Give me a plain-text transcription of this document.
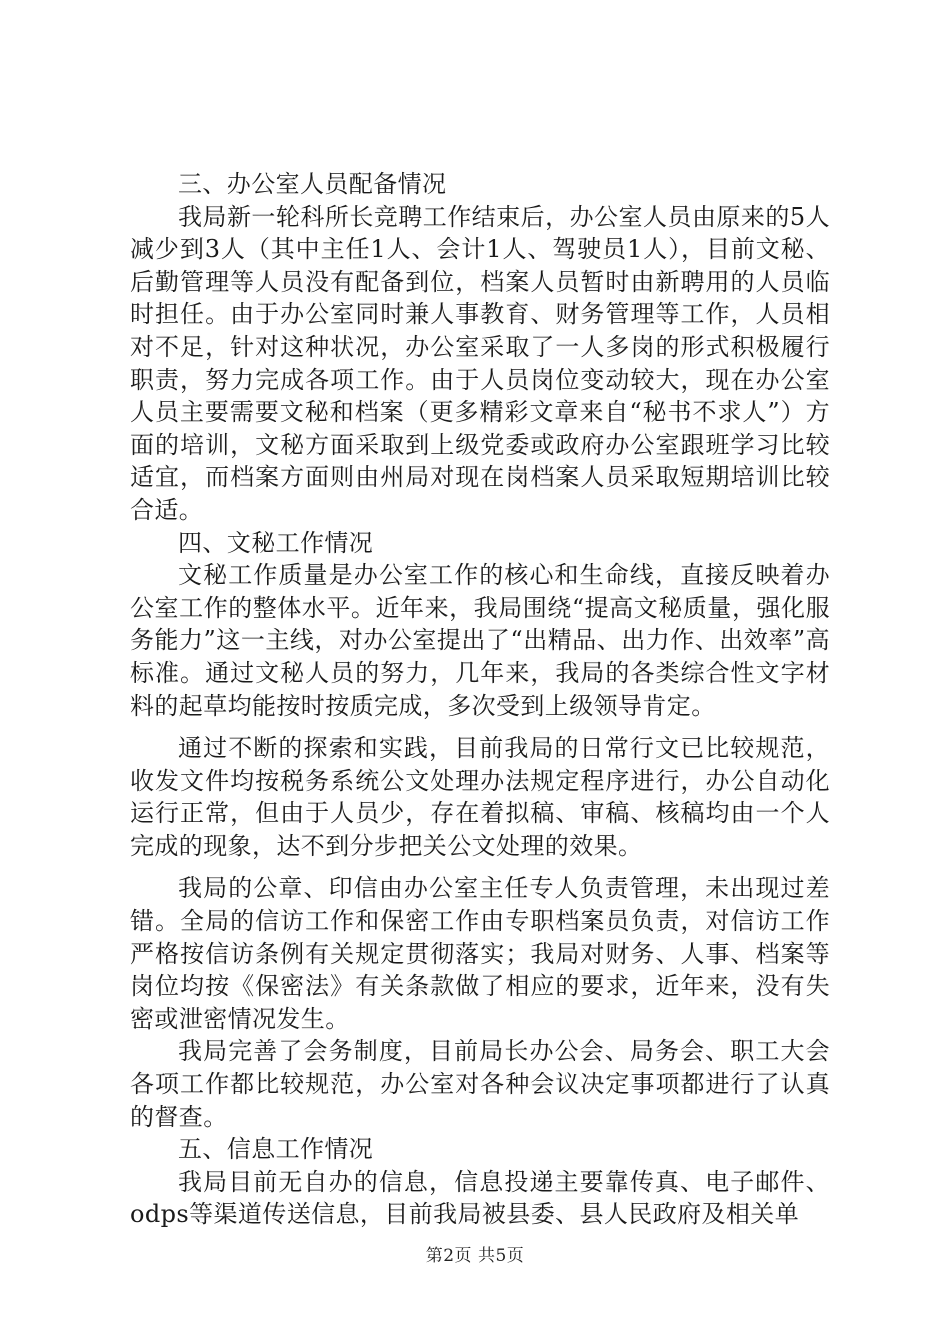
三、办公室人员配备情况

我局新一轮科所长竞聘工作结束后，办公室人员由原来的5人减少到3人（其中主任1人、会计1人、驾驶员1人），目前文秘、后勤管理等人员没有配备到位，档案人员暂时由新聘用的人员临时担任。由于办公室同时兼人事教育、财务管理等工作，人员相对不足，针对这种状况，办公室采取了一人多岗的形式积极履行职责，努力完成各项工作。由于人员岗位变动较大，现在办公室人员主要需要文秘和档案（更多精彩文章来自“秘书不求人”）方面的培训，文秘方面采取到上级党委或政府办公室跟班学习比较适宜，而档案方面则由州局对现在岗档案人员采取短期培训比较合适。

四、文秘工作情况

文秘工作质量是办公室工作的核心和生命线，直接反映着办公室工作的整体水平。近年来，我局围绕“提高文秘质量，强化服务能力”这一主线，对办公室提出了“出精品、出力作、出效率”高标准。通过文秘人员的努力，几年来，我局的各类综合性文字材料的起草均能按时按质完成，多次受到上级领导肯定。

通过不断的探索和实践，目前我局的日常行文已比较规范，收发文件均按税务系统公文处理办法规定程序进行，办公自动化运行正常，但由于人员少，存在着拟稿、审稿、核稿均由一个人完成的现象，达不到分步把关公文处理的效果。

我局的公章、印信由办公室主任专人负责管理，未出现过差错。全局的信访工作和保密工作由专职档案员负责，对信访工作严格按信访条例有关规定贯彻落实；我局对财务、人事、档案等岗位均按《保密法》有关条款做了相应的要求，近年来，没有失密或泄密情况发生。

我局完善了会务制度，目前局长办公会、局务会、职工大会各项工作都比较规范，办公室对各种会议决定事项都进行了认真的督查。

五、信息工作情况

我局目前无自办的信息，信息投递主要靠传真、电子邮件、odps等渠道传送信息，目前我局被县委、县人民政府及相关单

第2页 共5页
